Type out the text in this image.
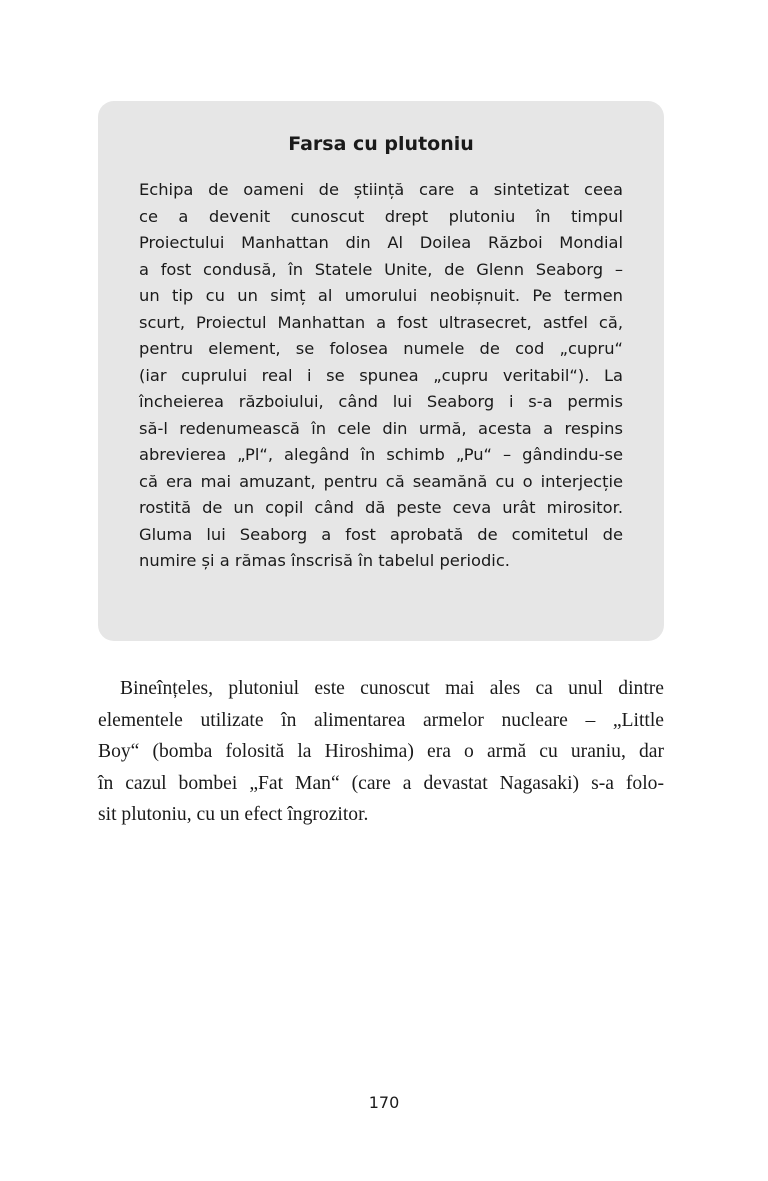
Farsa cu plutoniu
Echipa de oameni de știință care a sintetizat ceea
ce a devenit cunoscut drept plutoniu în timpul
Proiectului Manhattan din Al Doilea Război Mondial
a fost condusă, în Statele Unite, de Glenn Seaborg –
un tip cu un simț al umorului neobișnuit. Pe termen
scurt, Proiectul Manhattan a fost ultrasecret, astfel că,
pentru element, se folosea numele de cod „cupru“
(iar cuprului real i se spunea „cupru veritabil“). La
încheierea războiului, când lui Seaborg i s-a permis
să-l redenumească în cele din urmă, acesta a respins
abrevierea „Pl“, alegând în schimb „Pu“ – gândindu-se
că era mai amuzant, pentru că seamănă cu o interjecție
rostită de un copil când dă peste ceva urât mirositor.
Gluma lui Seaborg a fost aprobată de comitetul de
numire și a rămas înscrisă în tabelul periodic.
Bineînțeles, plutoniul este cunoscut mai ales ca unul dintre
elementele utilizate în alimentarea armelor nucleare – „Little
Boy“ (bomba folosită la Hiroshima) era o armă cu uraniu, dar
în cazul bombei „Fat Man“ (care a devastat Nagasaki) s-a folo-
sit plutoniu, cu un efect îngrozitor.
170
